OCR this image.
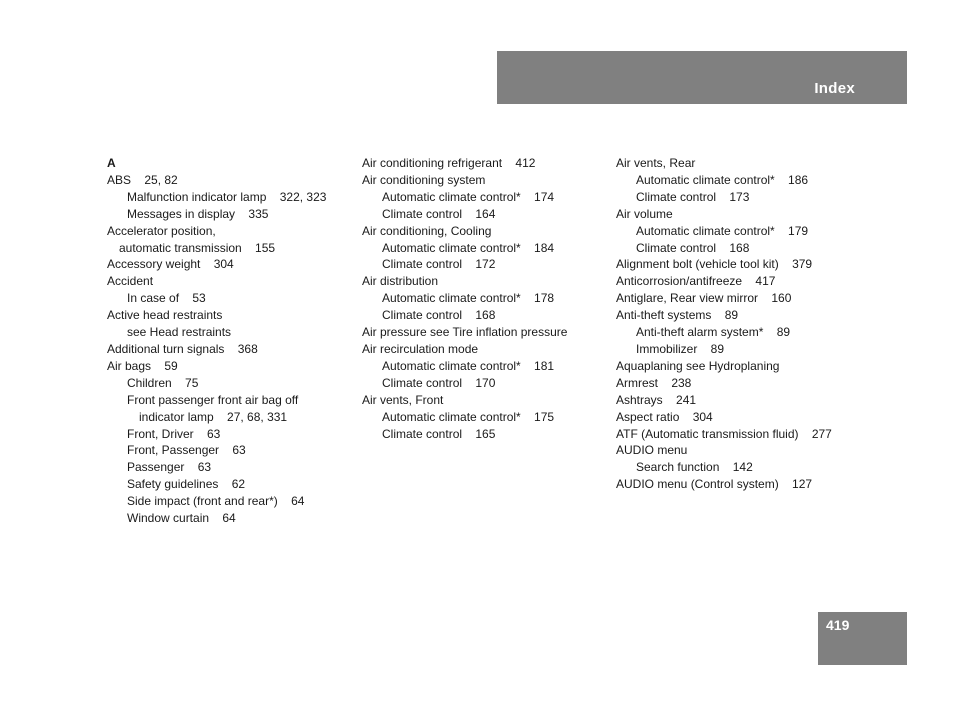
Index
A
ABS    25, 82
Malfunction indicator lamp    322, 323
Messages in display    335
Accelerator position,
automatic transmission    155
Accessory weight    304
Accident
In case of    53
Active head restraints
see Head restraints
Additional turn signals    368
Air bags    59
Children    75
Front passenger front air bag off
indicator lamp    27, 68, 331
Front, Driver    63
Front, Passenger    63
Passenger    63
Safety guidelines    62
Side impact (front and rear*)    64
Window curtain    64
Air conditioning refrigerant    412
Air conditioning system
Automatic climate control*    174
Climate control    164
Air conditioning, Cooling
Automatic climate control*    184
Climate control    172
Air distribution
Automatic climate control*    178
Climate control    168
Air pressure see Tire inflation pressure
Air recirculation mode
Automatic climate control*    181
Climate control    170
Air vents, Front
Automatic climate control*    175
Climate control    165
Air vents, Rear
Automatic climate control*    186
Climate control    173
Air volume
Automatic climate control*    179
Climate control    168
Alignment bolt (vehicle tool kit)    379
Anticorrosion/antifreeze    417
Antiglare, Rear view mirror    160
Anti-theft systems    89
Anti-theft alarm system*    89
Immobilizer    89
Aquaplaning see Hydroplaning
Armrest    238
Ashtrays    241
Aspect ratio    304
ATF (Automatic transmission fluid)    277
AUDIO menu
Search function    142
AUDIO menu (Control system)    127
419
